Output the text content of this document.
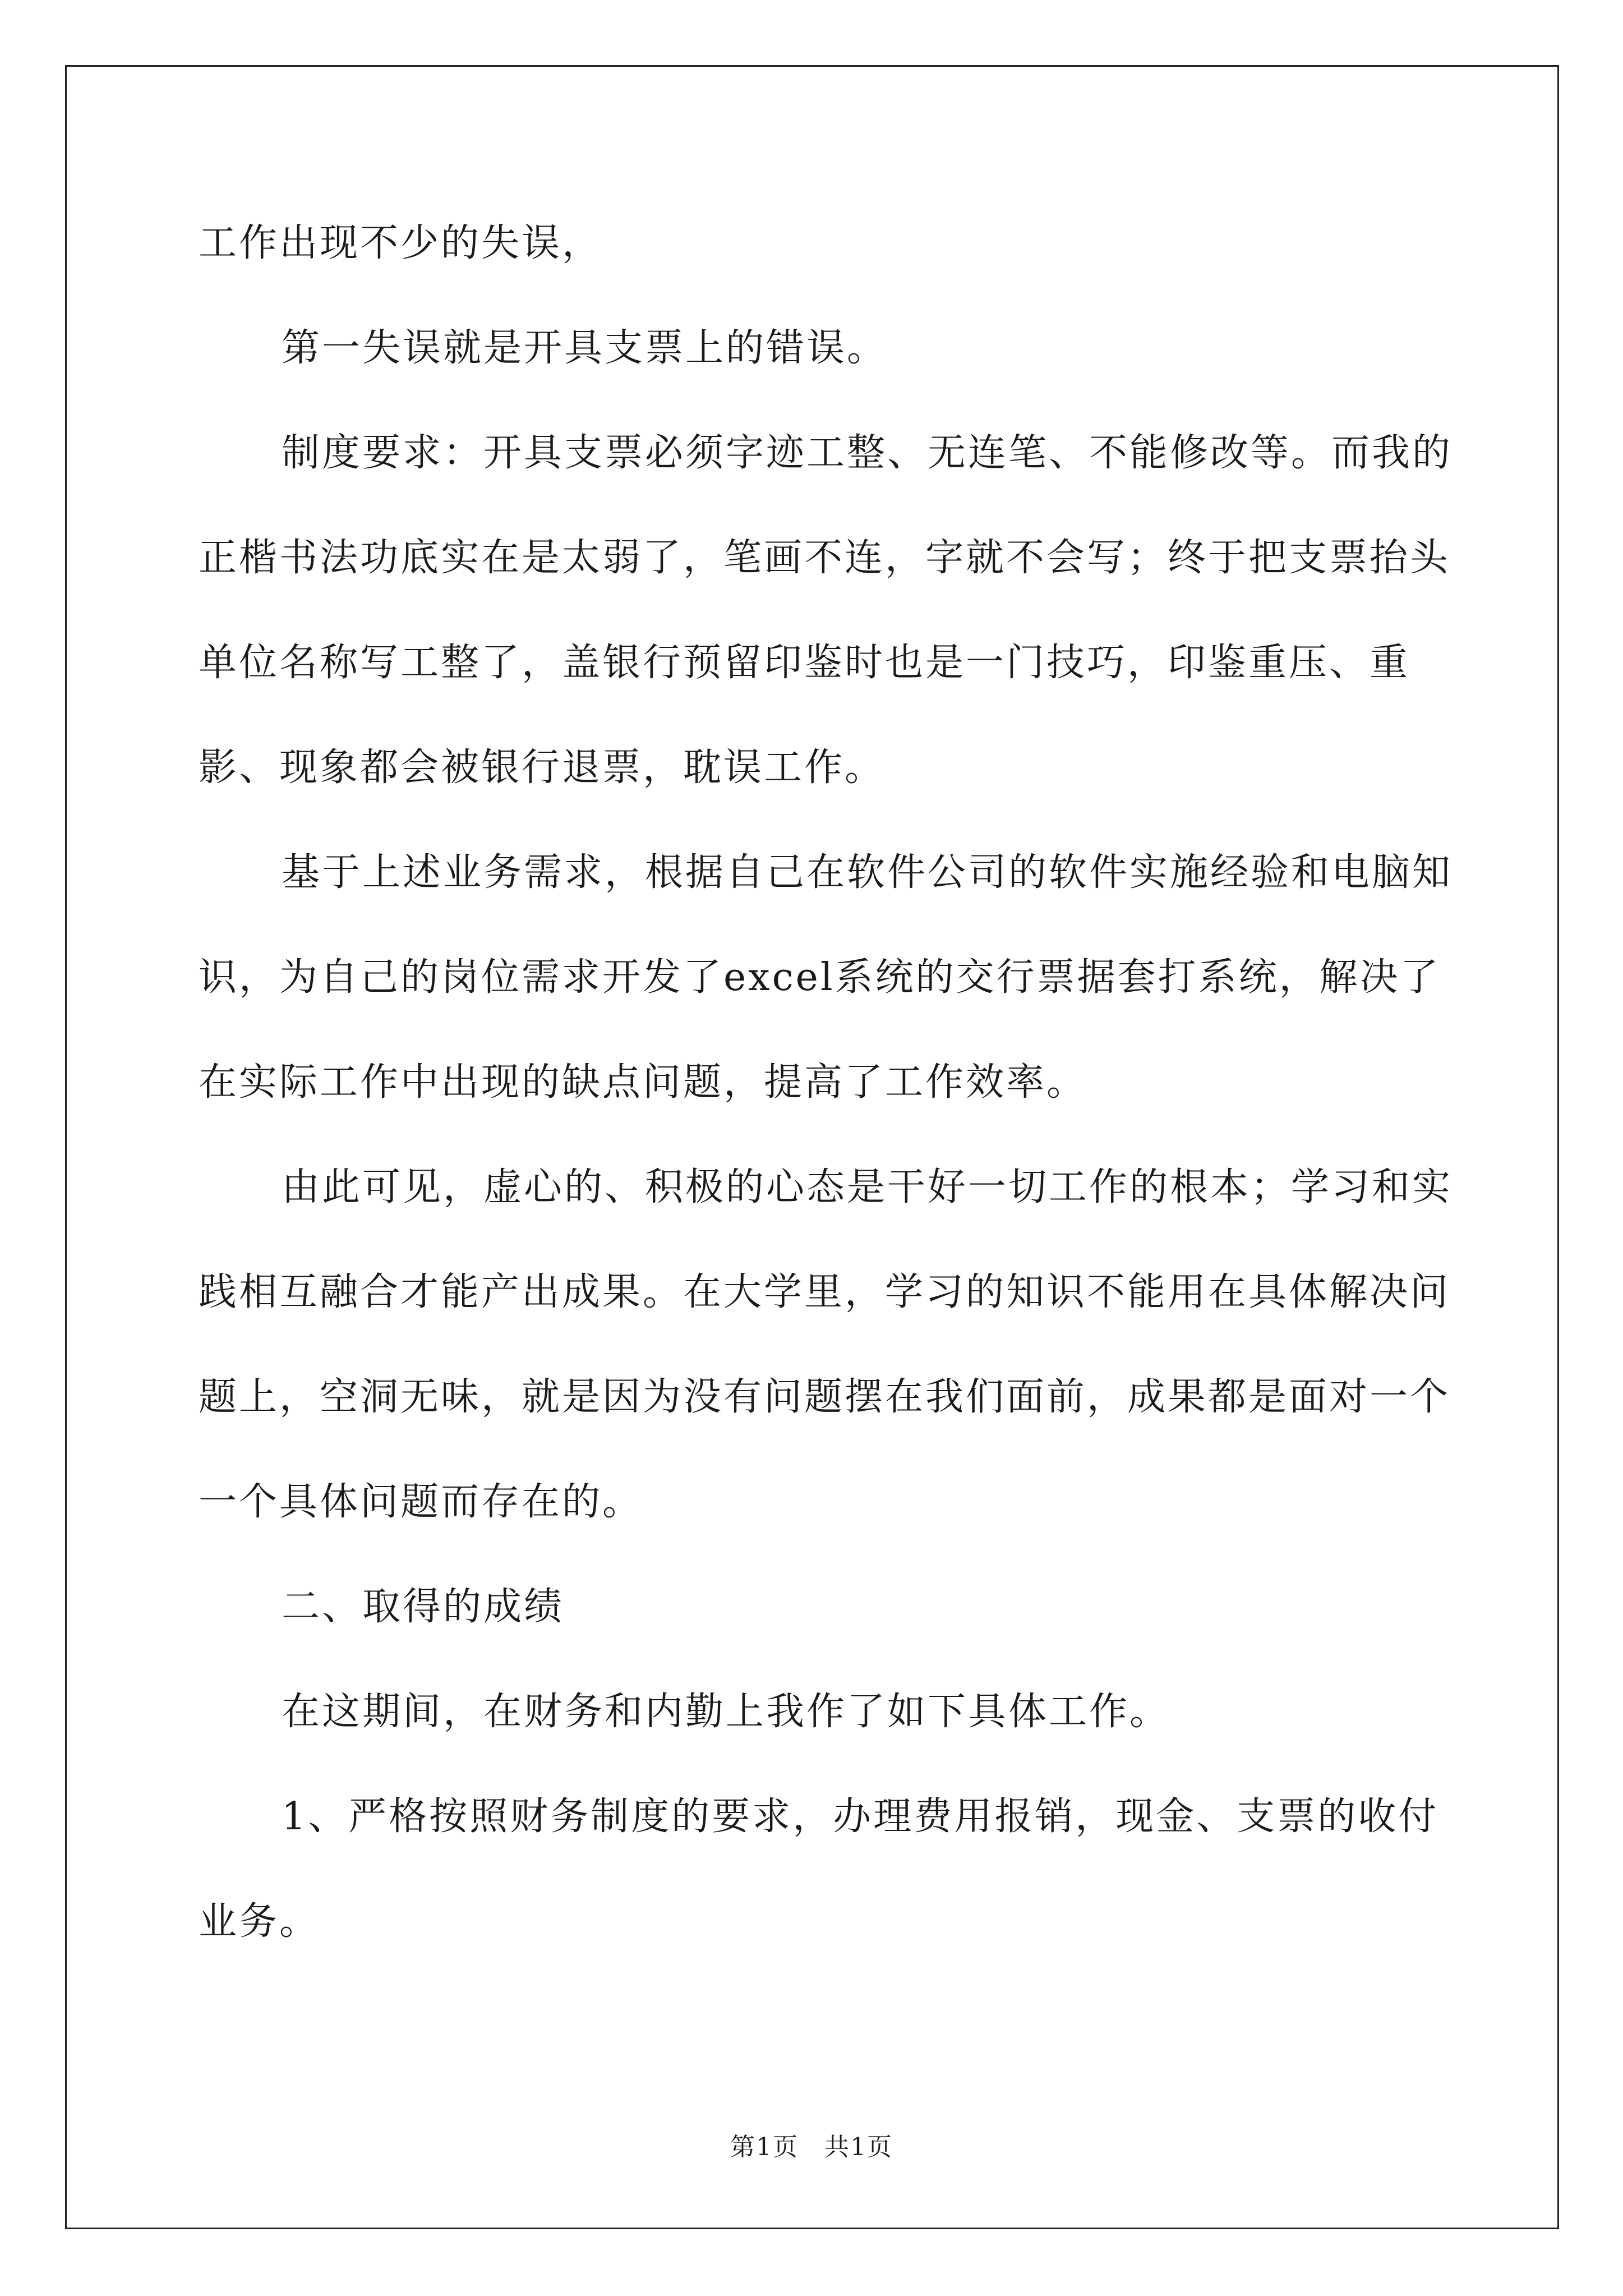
工作出现不少的失误，

第一失误就是开具支票上的错误。

制度要求：开具支票必须字迹工整、无连笔、不能修改等。而我的正楷书法功底实在是太弱了，笔画不连，字就不会写；终于把支票抬头单位名称写工整了，盖银行预留印鉴时也是一门技巧，印鉴重压、重影、现象都会被银行退票，耽误工作。

基于上述业务需求，根据自己在软件公司的软件实施经验和电脑知识，为自己的岗位需求开发了excel系统的交行票据套打系统，解决了在实际工作中出现的缺点问题，提高了工作效率。

由此可见，虚心的、积极的心态是干好一切工作的根本；学习和实践相互融合才能产出成果。在大学里，学习的知识不能用在具体解决问题上，空洞无味，就是因为没有问题摆在我们面前，成果都是面对一个一个具体问题而存在的。

二、取得的成绩

在这期间，在财务和内勤上我作了如下具体工作。

1、严格按照财务制度的要求，办理费用报销，现金、支票的收付业务。

第1页　共1页
